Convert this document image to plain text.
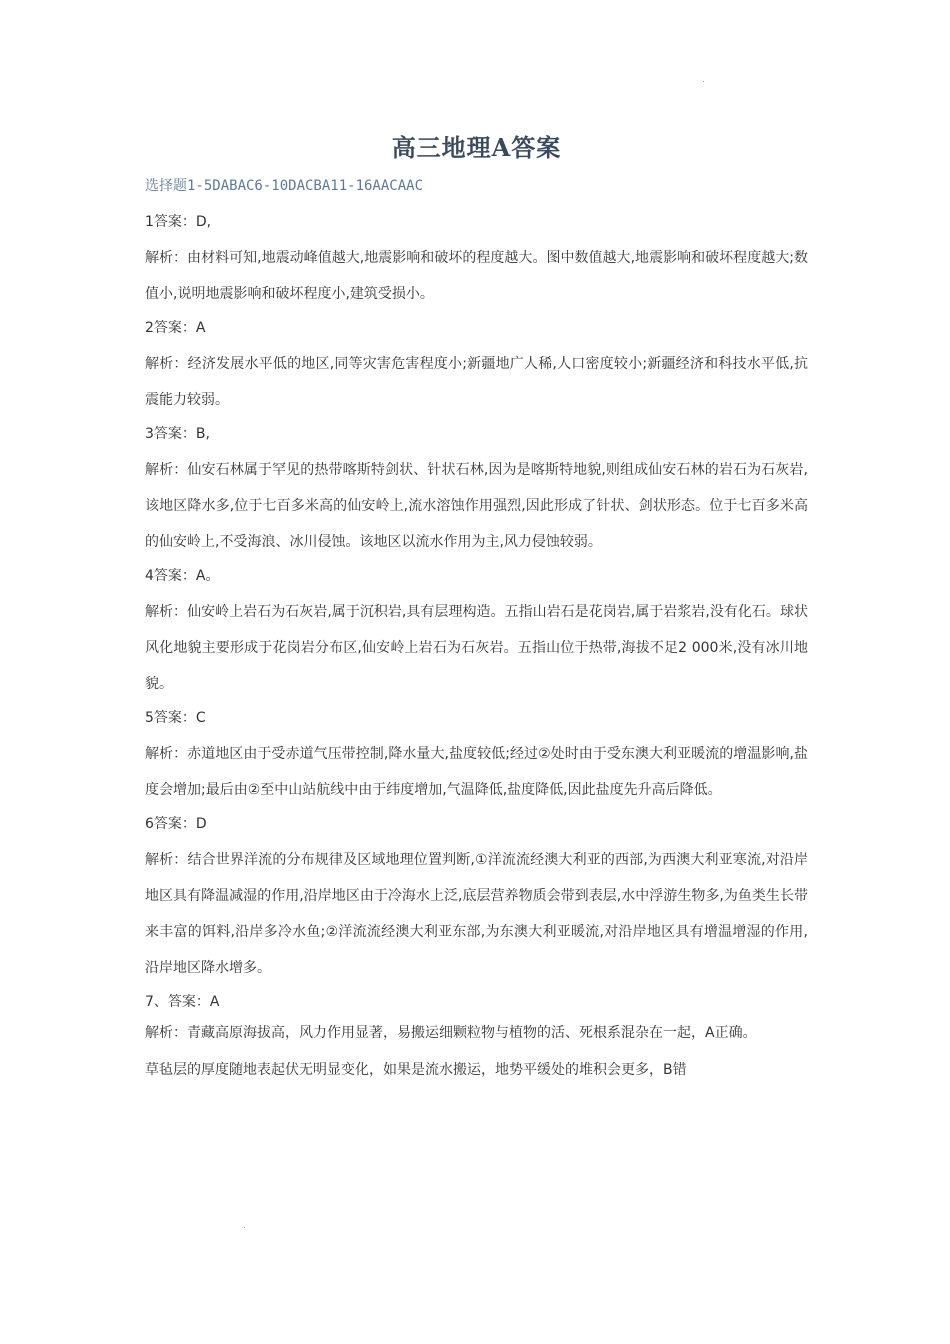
高三地理A答案
选择题1-5DABAC6-10DACBA11-16AACAAC
1答案：D,
解析：由材料可知,地震动峰值越大,地震影响和破坏的程度越大。图中数值越大,地震影响和破坏程度越大;数值小,说明地震影响和破坏程度小,建筑受损小。
2答案：A
解析：经济发展水平低的地区,同等灾害危害程度小;新疆地广人稀,人口密度较小;新疆经济和科技水平低,抗震能力较弱。
3答案：B,
解析：仙安石林属于罕见的热带喀斯特剑状、针状石林,因为是喀斯特地貌,则组成仙安石林的岩石为石灰岩,该地区降水多,位于七百多米高的仙安岭上,流水溶蚀作用强烈,因此形成了针状、剑状形态。位于七百多米高的仙安岭上,不受海浪、冰川侵蚀。该地区以流水作用为主,风力侵蚀较弱。
4答案：A。
解析：仙安岭上岩石为石灰岩,属于沉积岩,具有层理构造。五指山岩石是花岗岩,属于岩浆岩,没有化石。球状风化地貌主要形成于花岗岩分布区,仙安岭上岩石为石灰岩。五指山位于热带,海拔不足2 000米,没有冰川地貌。
5答案：C
解析：赤道地区由于受赤道气压带控制,降水量大,盐度较低;经过②处时由于受东澳大利亚暖流的增温影响,盐度会增加;最后由②至中山站航线中由于纬度增加,气温降低,盐度降低,因此盐度先升高后降低。
6答案：D
解析：结合世界洋流的分布规律及区域地理位置判断,①洋流流经澳大利亚的西部,为西澳大利亚寒流,对沿岸地区具有降温减湿的作用,沿岸地区由于冷海水上泛,底层营养物质会带到表层,水中浮游生物多,为鱼类生长带来丰富的饵料,沿岸多冷水鱼;②洋流流经澳大利亚东部,为东澳大利亚暖流,对沿岸地区具有增温增湿的作用,沿岸地区降水增多。
7、答案：A
解析：青藏高原海拔高，风力作用显著，易搬运细颗粒物与植物的活、死根系混杂在一起，A正确。
草毡层的厚度随地表起伏无明显变化，如果是流水搬运，地势平缓处的堆积会更多，B错
